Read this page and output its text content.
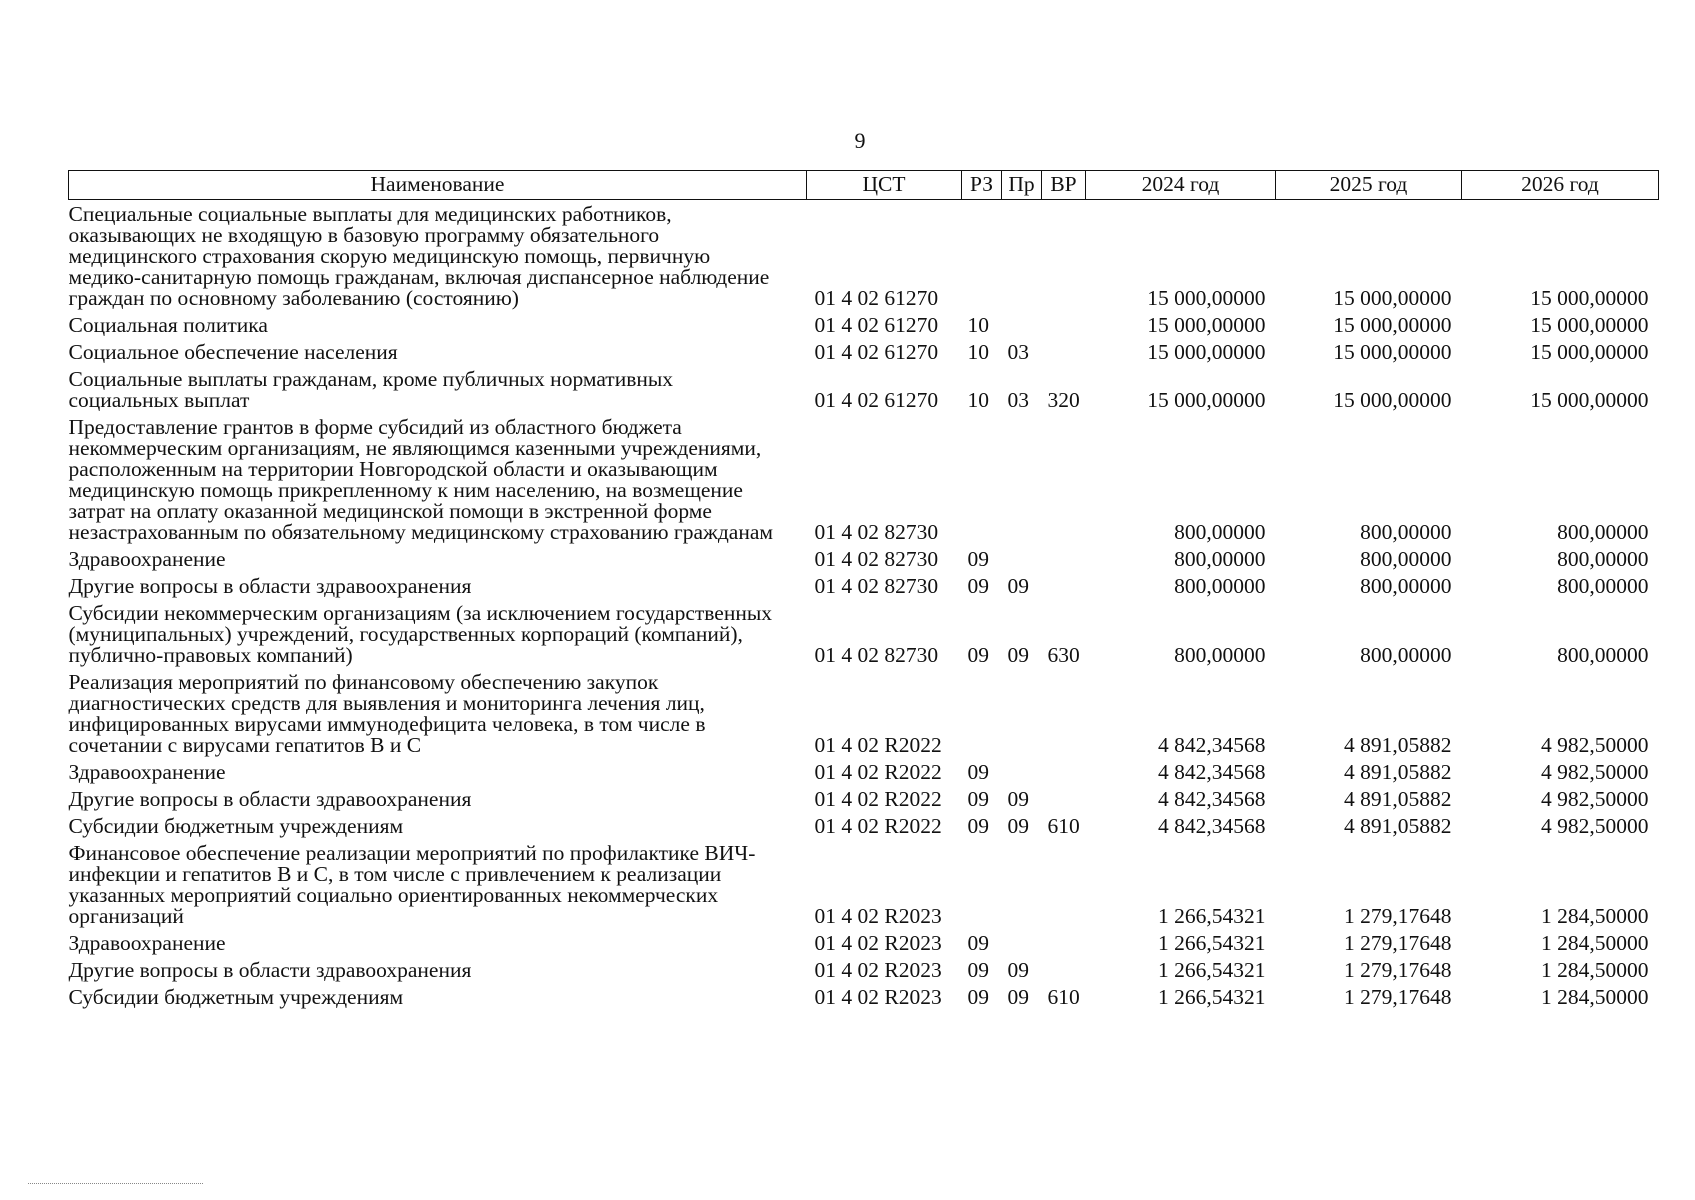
9
Наименование	ЦСТ	РЗ	Пр	ВР	2024 год	2025 год	2026 год
Специальные социальные выплаты для медицинских работников, оказывающих не входящую в базовую программу обязательного медицинского страхования скорую медицинскую помощь, первичную медико-санитарную помощь гражданам, включая диспансерное наблюдение граждан по основному заболеванию (состоянию)	01 4 02 61270				15 000,00000	15 000,00000	15 000,00000
Социальная политика	01 4 02 61270	10			15 000,00000	15 000,00000	15 000,00000
Социальное обеспечение населения	01 4 02 61270	10	03		15 000,00000	15 000,00000	15 000,00000
Социальные выплаты гражданам, кроме публичных нормативных социальных выплат	01 4 02 61270	10	03	320	15 000,00000	15 000,00000	15 000,00000
Предоставление грантов в форме субсидий из областного бюджета некоммерческим организациям, не являющимся казенными учреждениями, расположенным на территории Новгородской области и оказывающим медицинскую помощь прикрепленному к ним населению, на возмещение затрат на оплату оказанной медицинской помощи в экстренной форме незастрахованным по обязательному медицинскому страхованию гражданам	01 4 02 82730				800,00000	800,00000	800,00000
Здравоохранение	01 4 02 82730	09			800,00000	800,00000	800,00000
Другие вопросы в области здравоохранения	01 4 02 82730	09	09		800,00000	800,00000	800,00000
Субсидии некоммерческим организациям (за исключением государственных (муниципальных) учреждений, государственных корпораций (компаний), публично-правовых компаний)	01 4 02 82730	09	09	630	800,00000	800,00000	800,00000
Реализация мероприятий по финансовому обеспечению закупок диагностических средств для выявления и мониторинга лечения лиц, инфицированных вирусами иммунодефицита человека, в том числе в сочетании с вирусами гепатитов B и C	01 4 02 R2022				4 842,34568	4 891,05882	4 982,50000
Здравоохранение	01 4 02 R2022	09			4 842,34568	4 891,05882	4 982,50000
Другие вопросы в области здравоохранения	01 4 02 R2022	09	09		4 842,34568	4 891,05882	4 982,50000
Субсидии бюджетным учреждениям	01 4 02 R2022	09	09	610	4 842,34568	4 891,05882	4 982,50000
Финансовое обеспечение реализации мероприятий по профилактике ВИЧ-инфекции и гепатитов B и C, в том числе с привлечением к реализации указанных мероприятий социально ориентированных некоммерческих организаций	01 4 02 R2023				1 266,54321	1 279,17648	1 284,50000
Здравоохранение	01 4 02 R2023	09			1 266,54321	1 279,17648	1 284,50000
Другие вопросы в области здравоохранения	01 4 02 R2023	09	09		1 266,54321	1 279,17648	1 284,50000
Субсидии бюджетным учреждениям	01 4 02 R2023	09	09	610	1 266,54321	1 279,17648	1 284,50000
